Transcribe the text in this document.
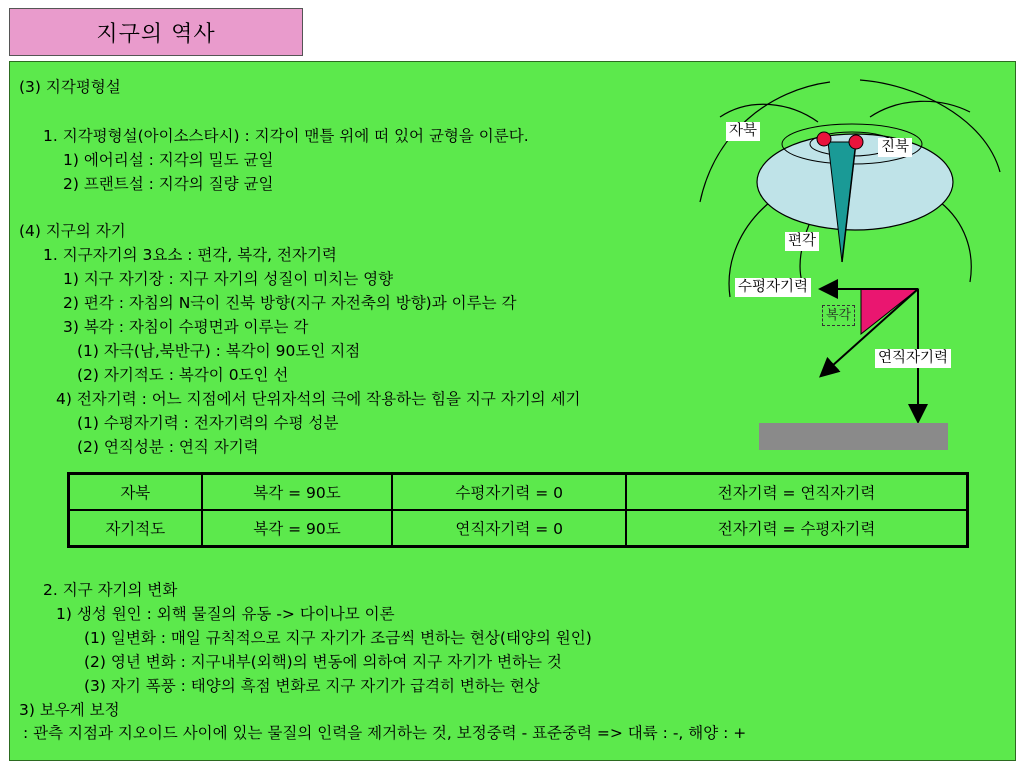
지구의 역사
(3) 지각평형설
1. 지각평형설(아이소스타시) : 지각이 맨틀 위에 떠 있어 균형을 이룬다.
1) 에어리설 : 지각의 밀도 균일
2) 프랜트설 : 지각의 질량 균일
(4) 지구의 자기
1. 지구자기의 3요소 : 편각, 복각, 전자기력
1) 지구 자기장 : 지구 자기의 성질이 미치는 영향
2) 편각 : 자침의 N극이 진북 방향(지구 자전축의 방향)과 이루는 각
3) 복각 : 자침이 수평면과 이루는 각
(1) 자극(남,북반구) : 복각이 90도인 지점
(2) 자기적도 : 복각이 0도인 선
4) 전자기력 : 어느 지점에서 단위자석의 극에 작용하는 힘을 지구 자기의 세기
(1) 수평자기력 : 전자기력의 수평 성분
(2) 연직성분 : 연직 자기력
자북	복각 = 90도	수평자기력 = 0	전자기력 = 연직자기력
자기적도	복각 = 90도	연직자기력 = 0	전자기력 = 수평자기력
2. 지구 자기의 변화
1) 생성 원인 : 외핵 물질의 유동 -> 다이나모 이론
(1) 일변화 : 매일 규칙적으로 지구 자기가 조금씩 변하는 현상(태양의 원인)
(2) 영년 변화 : 지구내부(외핵)의 변동에 의하여 지구 자기가 변하는 것
(3) 자기 폭풍 : 태양의 흑점 변화로 지구 자기가 급격히 변하는 현상
3) 보우게 보정
: 관측 지점과 지오이드 사이에 있는 물질의 인력을 제거하는 것, 보정중력 - 표준중력 => 대륙 : -, 해양 : +
자북
진북
편각
수평자기력
복각
연직자기력
